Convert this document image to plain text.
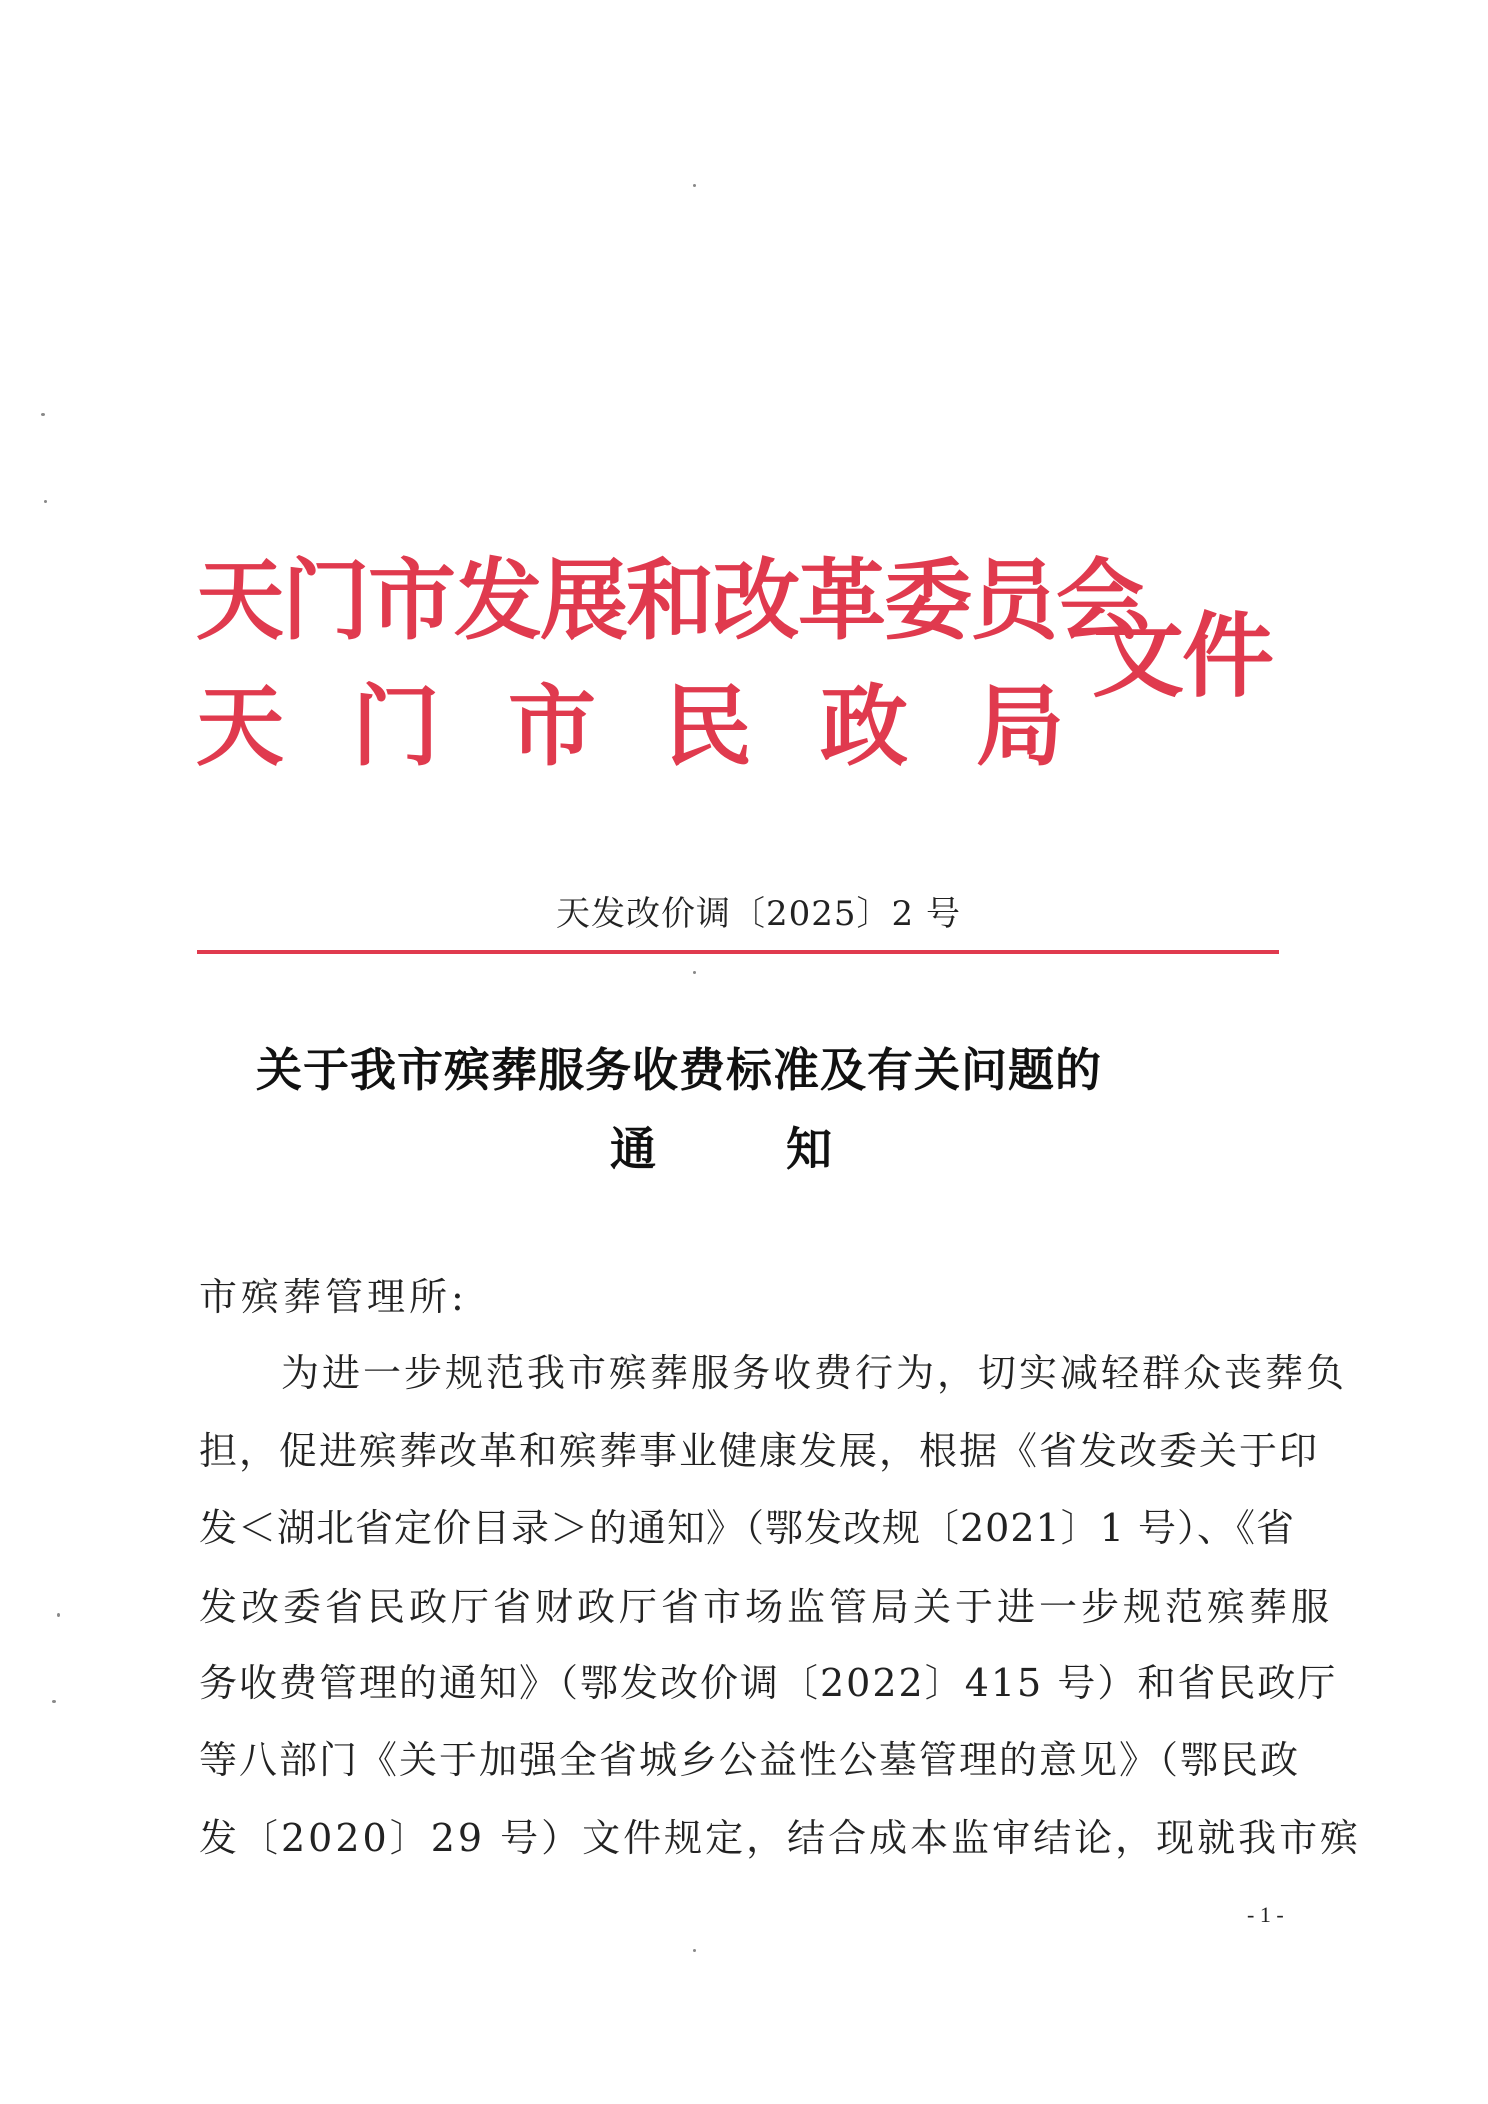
天门市发展和改革委员会
天门市民政局
文件
天发改价调〔2025〕2 号
关于我市殡葬服务收费标准及有关问题的
通知
市殡葬管理所:
为进一步规范我市殡葬服务收费行为，切实减轻群众丧葬负
担，促进殡葬改革和殡葬事业健康发展，根据《省发改委关于印
发＜湖北省定价目录＞的通知》（鄂发改规〔2021〕1 号）、《省
发改委省民政厅省财政厅省市场监管局关于进一步规范殡葬服
务收费管理的通知》（鄂发改价调〔2022〕415 号）和省民政厅
等八部门《关于加强全省城乡公益性公墓管理的意见》（鄂民政
发〔2020〕29 号）文件规定，结合成本监审结论，现就我市殡
- 1 -
